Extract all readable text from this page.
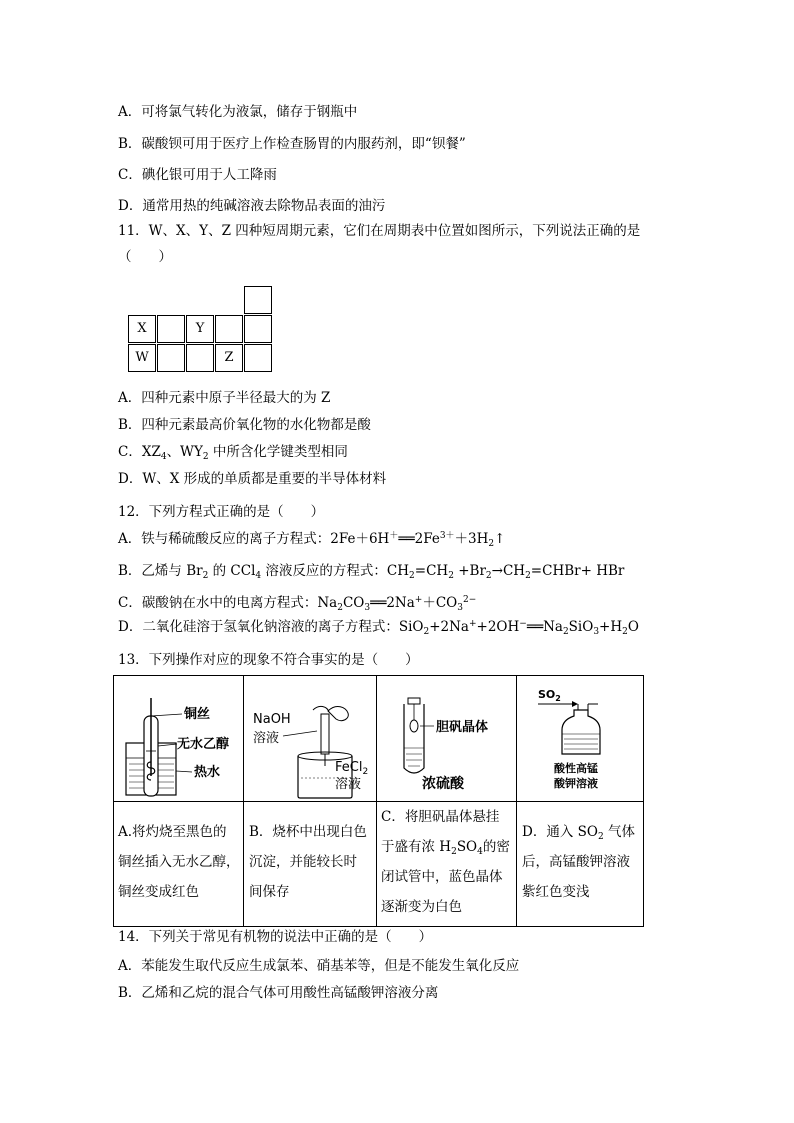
A．可将氯气转化为液氯，储存于钢瓶中
B．碳酸钡可用于医疗上作检查肠胃的内服药剂，即“钡餐”
C．碘化银可用于人工降雨
D．通常用热的纯碱溶液去除物品表面的油污
11．W、X、Y、Z 四种短周期元素，它们在周期表中位置如图所示，下列说法正确的是
（　　）
X	Y
W	Z
A．四种元素中原子半径最大的为 Z
B．四种元素最高价氧化物的水化物都是酸
C．$XZ_4$、$WY_2$ 中所含化学键类型相同
D．W、X 形成的单质都是重要的半导体材料
12．下列方程式正确的是（　　）
A．铁与稀硫酸反应的离子方程式：$2Fe+6H^+══2Fe^{3+}+3H_2↑$
B．乙烯与 $Br_2$ 的 CCl$_4$ 溶液反应的方程式：$CH_2=CH_2$ $+Br_2\to CH_2=CHBr+$ HBr
C．碳酸钠在水中的电离方程式：$Na_2CO_3══2Na^++CO_3^{2-}$
D．二氧化硅溶于氢氧化钠溶液的离子方程式：$SiO_2+2Na^++2OH^-══Na_2SiO_3+H_2O$
13．下列操作对应的现象不符合事实的是（　　）
铜丝
无水乙醇
热水
NaOH
溶液
FeCl$_2$
溶液
胆矾晶体
浓硫酸
$SO_2$
酸性高锰
酸钾溶液
A.将灼烧至黑色的
铜丝插入无水乙醇，
铜丝变成红色
B．烧杯中出现白色
沉淀，并能较长时
间保存
C．将胆矾晶体悬挂
于盛有浓 $H_2SO_4$的密
闭试管中，蓝色晶体
逐渐变为白色
D．通入 $SO_2$ 气体
后，高锰酸钾溶液
紫红色变浅
14．下列关于常见有机物的说法中正确的是（　　）
A．苯能发生取代反应生成氯苯、硝基苯等，但是不能发生氧化反应
B．乙烯和乙烷的混合气体可用酸性高锰酸钾溶液分离
